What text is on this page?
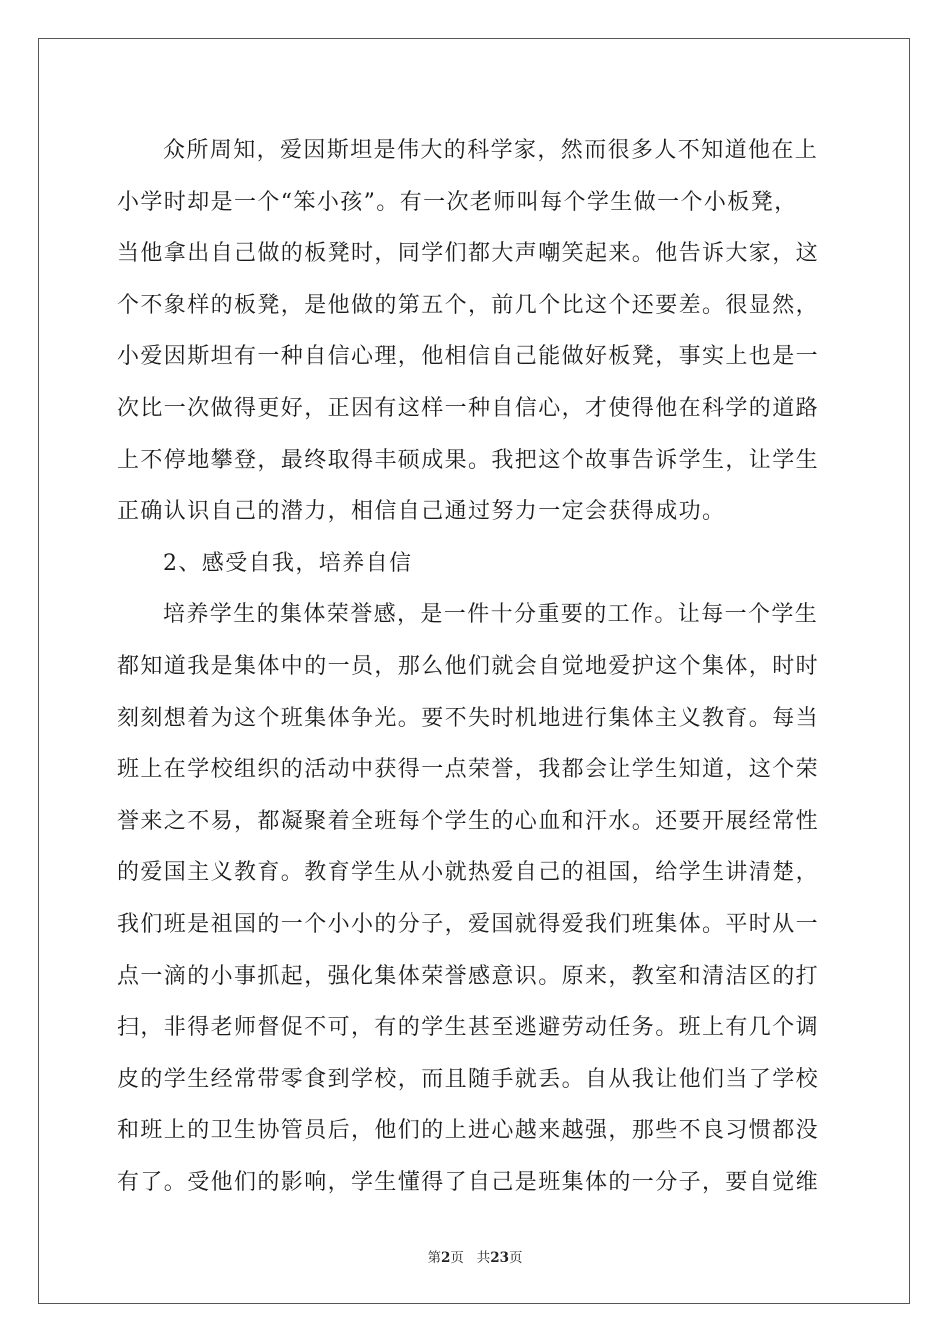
众所周知，爱因斯坦是伟大的科学家，然而很多人不知道他在上
小学时却是一个“笨小孩”。有一次老师叫每个学生做一个小板凳，
当他拿出自己做的板凳时，同学们都大声嘲笑起来。他告诉大家，这
个不象样的板凳，是他做的第五个，前几个比这个还要差。很显然，
小爱因斯坦有一种自信心理，他相信自己能做好板凳，事实上也是一
次比一次做得更好，正因有这样一种自信心，才使得他在科学的道路
上不停地攀登，最终取得丰硕成果。我把这个故事告诉学生，让学生
正确认识自己的潜力，相信自己通过努力一定会获得成功。
2、感受自我，培养自信
培养学生的集体荣誉感，是一件十分重要的工作。让每一个学生
都知道我是集体中的一员，那么他们就会自觉地爱护这个集体，时时
刻刻想着为这个班集体争光。要不失时机地进行集体主义教育。每当
班上在学校组织的活动中获得一点荣誉，我都会让学生知道，这个荣
誉来之不易，都凝聚着全班每个学生的心血和汗水。还要开展经常性
的爱国主义教育。教育学生从小就热爱自己的祖国，给学生讲清楚，
我们班是祖国的一个小小的分子，爱国就得爱我们班集体。平时从一
点一滴的小事抓起，强化集体荣誉感意识。原来，教室和清洁区的打
扫，非得老师督促不可，有的学生甚至逃避劳动任务。班上有几个调
皮的学生经常带零食到学校，而且随手就丢。自从我让他们当了学校
和班上的卫生协管员后，他们的上进心越来越强，那些不良习惯都没
有了。受他们的影响，学生懂得了自己是班集体的一分子，要自觉维
第2页 共23页
